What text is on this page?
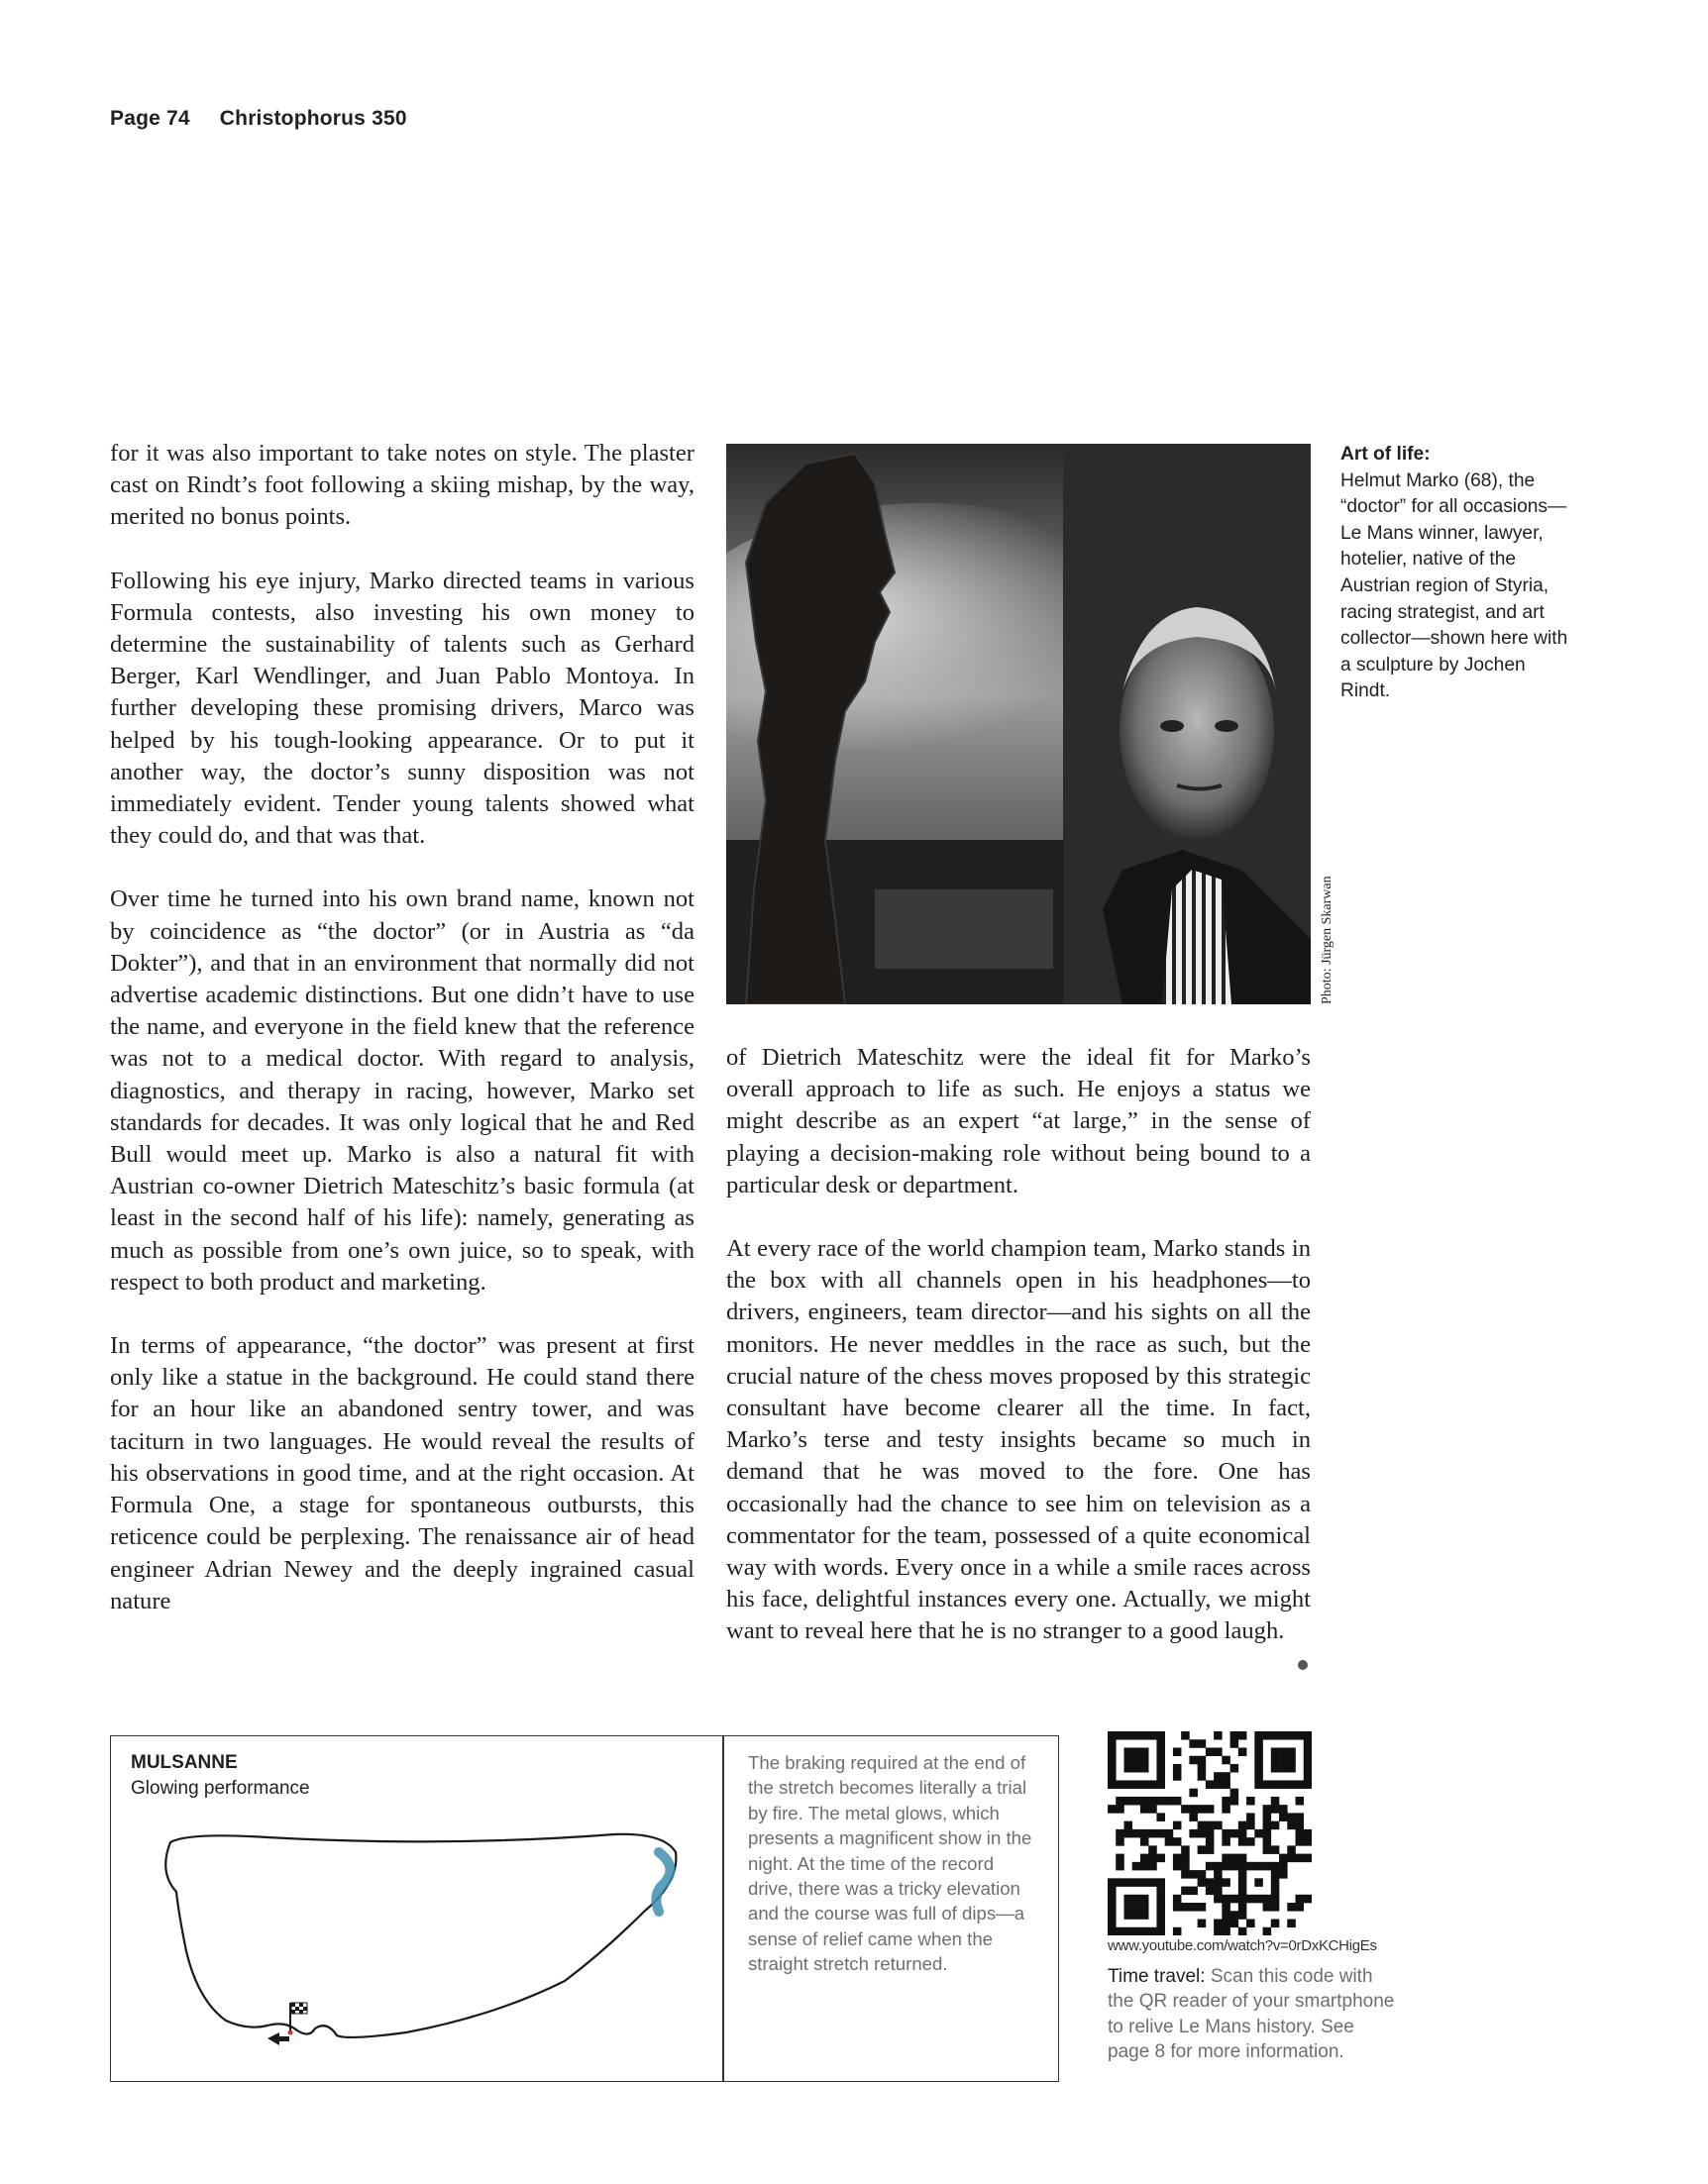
Page 74 Christophorus 350

for it was also important to take notes on style. The plaster cast on Rindt’s foot following a skiing mishap, by the way, merited no bonus points.

Following his eye injury, Marko directed teams in various Formula contests, also investing his own money to determine the sustainability of talents such as Gerhard Berger, Karl Wendlinger, and Juan Pablo Montoya. In further developing these promising drivers, Marco was helped by his tough-looking appearance. Or to put it another way, the doctor’s sunny disposition was not immediately evident. Tender young talents showed what they could do, and that was that.

Over time he turned into his own brand name, known not by coincidence as “the doctor” (or in Austria as “da Dokter”), and that in an environment that normally did not advertise academic distinctions. But one didn’t have to use the name, and everyone in the field knew that the reference was not to a medical doctor. With regard to analysis, diagnostics, and therapy in racing, however, Marko set standards for decades. It was only logical that he and Red Bull would meet up. Marko is also a natural fit with Austrian co-owner Dietrich Mateschitz’s basic formula (at least in the second half of his life): namely, generating as much as possible from one’s own juice, so to speak, with respect to both product and marketing.

In terms of appearance, “the doctor” was present at first only like a statue in the background. He could stand there for an hour like an abandoned sentry tower, and was taciturn in two languages. He would reveal the results of his observations in good time, and at the right occasion. At Formula One, a stage for spontaneous outbursts, this reticence could be perplexing. The renaissance air of head engineer Adrian Newey and the deeply ingrained casual nature

Photo: Jürgen Skarwan
Art of life:
Helmut Marko (68), the “doctor” for all occasions—Le Mans winner, lawyer, hotelier, native of the Austrian region of Styria, racing strategist, and art collector—shown here with a sculpture by Jochen Rindt.

of Dietrich Mateschitz were the ideal fit for Marko’s overall approach to life as such. He enjoys a status we might describe as an expert “at large,” in the sense of playing a decision-making role without being bound to a particular desk or department.

At every race of the world champion team, Marko stands in the box with all channels open in his headphones—to drivers, engineers, team director—and his sights on all the monitors. He never meddles in the race as such, but the crucial nature of the chess moves proposed by this strategic consultant have become clearer all the time. In fact, Marko’s terse and testy insights became so much in demand that he was moved to the fore. One has occasionally had the chance to see him on television as a commentator for the team, possessed of a quite economical way with words. Every once in a while a smile races across his face, delightful instances every one. Actually, we might want to reveal here that he is no stranger to a good laugh.

MULSANNE
Glowing performance
The braking required at the end of the stretch becomes literally a trial by fire. The metal glows, which presents a magnificent show in the night. At the time of the record drive, there was a tricky elevation and the course was full of dips—a sense of relief came when the straight stretch returned.
www.youtube.com/watch?v=0rDxKCHigEs
Time travel: Scan this code with the QR reader of your smartphone to relive Le Mans history. See page 8 for more information.
